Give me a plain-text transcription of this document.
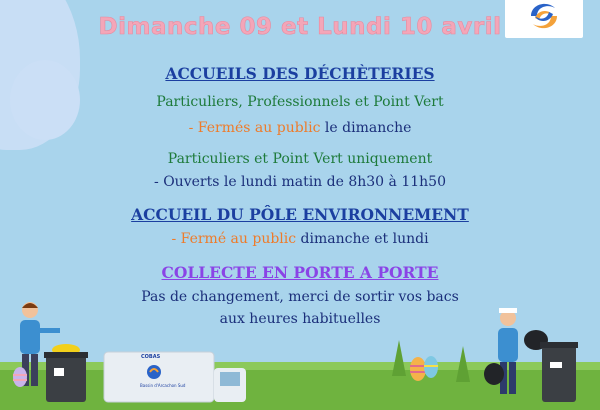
Dimanche 09 et Lundi 10 avril
ACCUEILS DES DÉCHÈTERIES
Particuliers, Professionnels et Point Vert
- Fermés au public le dimanche
Particuliers et Point Vert uniquement
- Ouverts le lundi matin de 8h30 à 11h50
ACCUEIL DU PÔLE ENVIRONNEMENT
- Fermé au public dimanche et lundi
COLLECTE EN PORTE A PORTE
Pas de changement, merci de sortir vos bacs
aux heures habituelles
COBAS
Bassin d'Arcachon Sud
